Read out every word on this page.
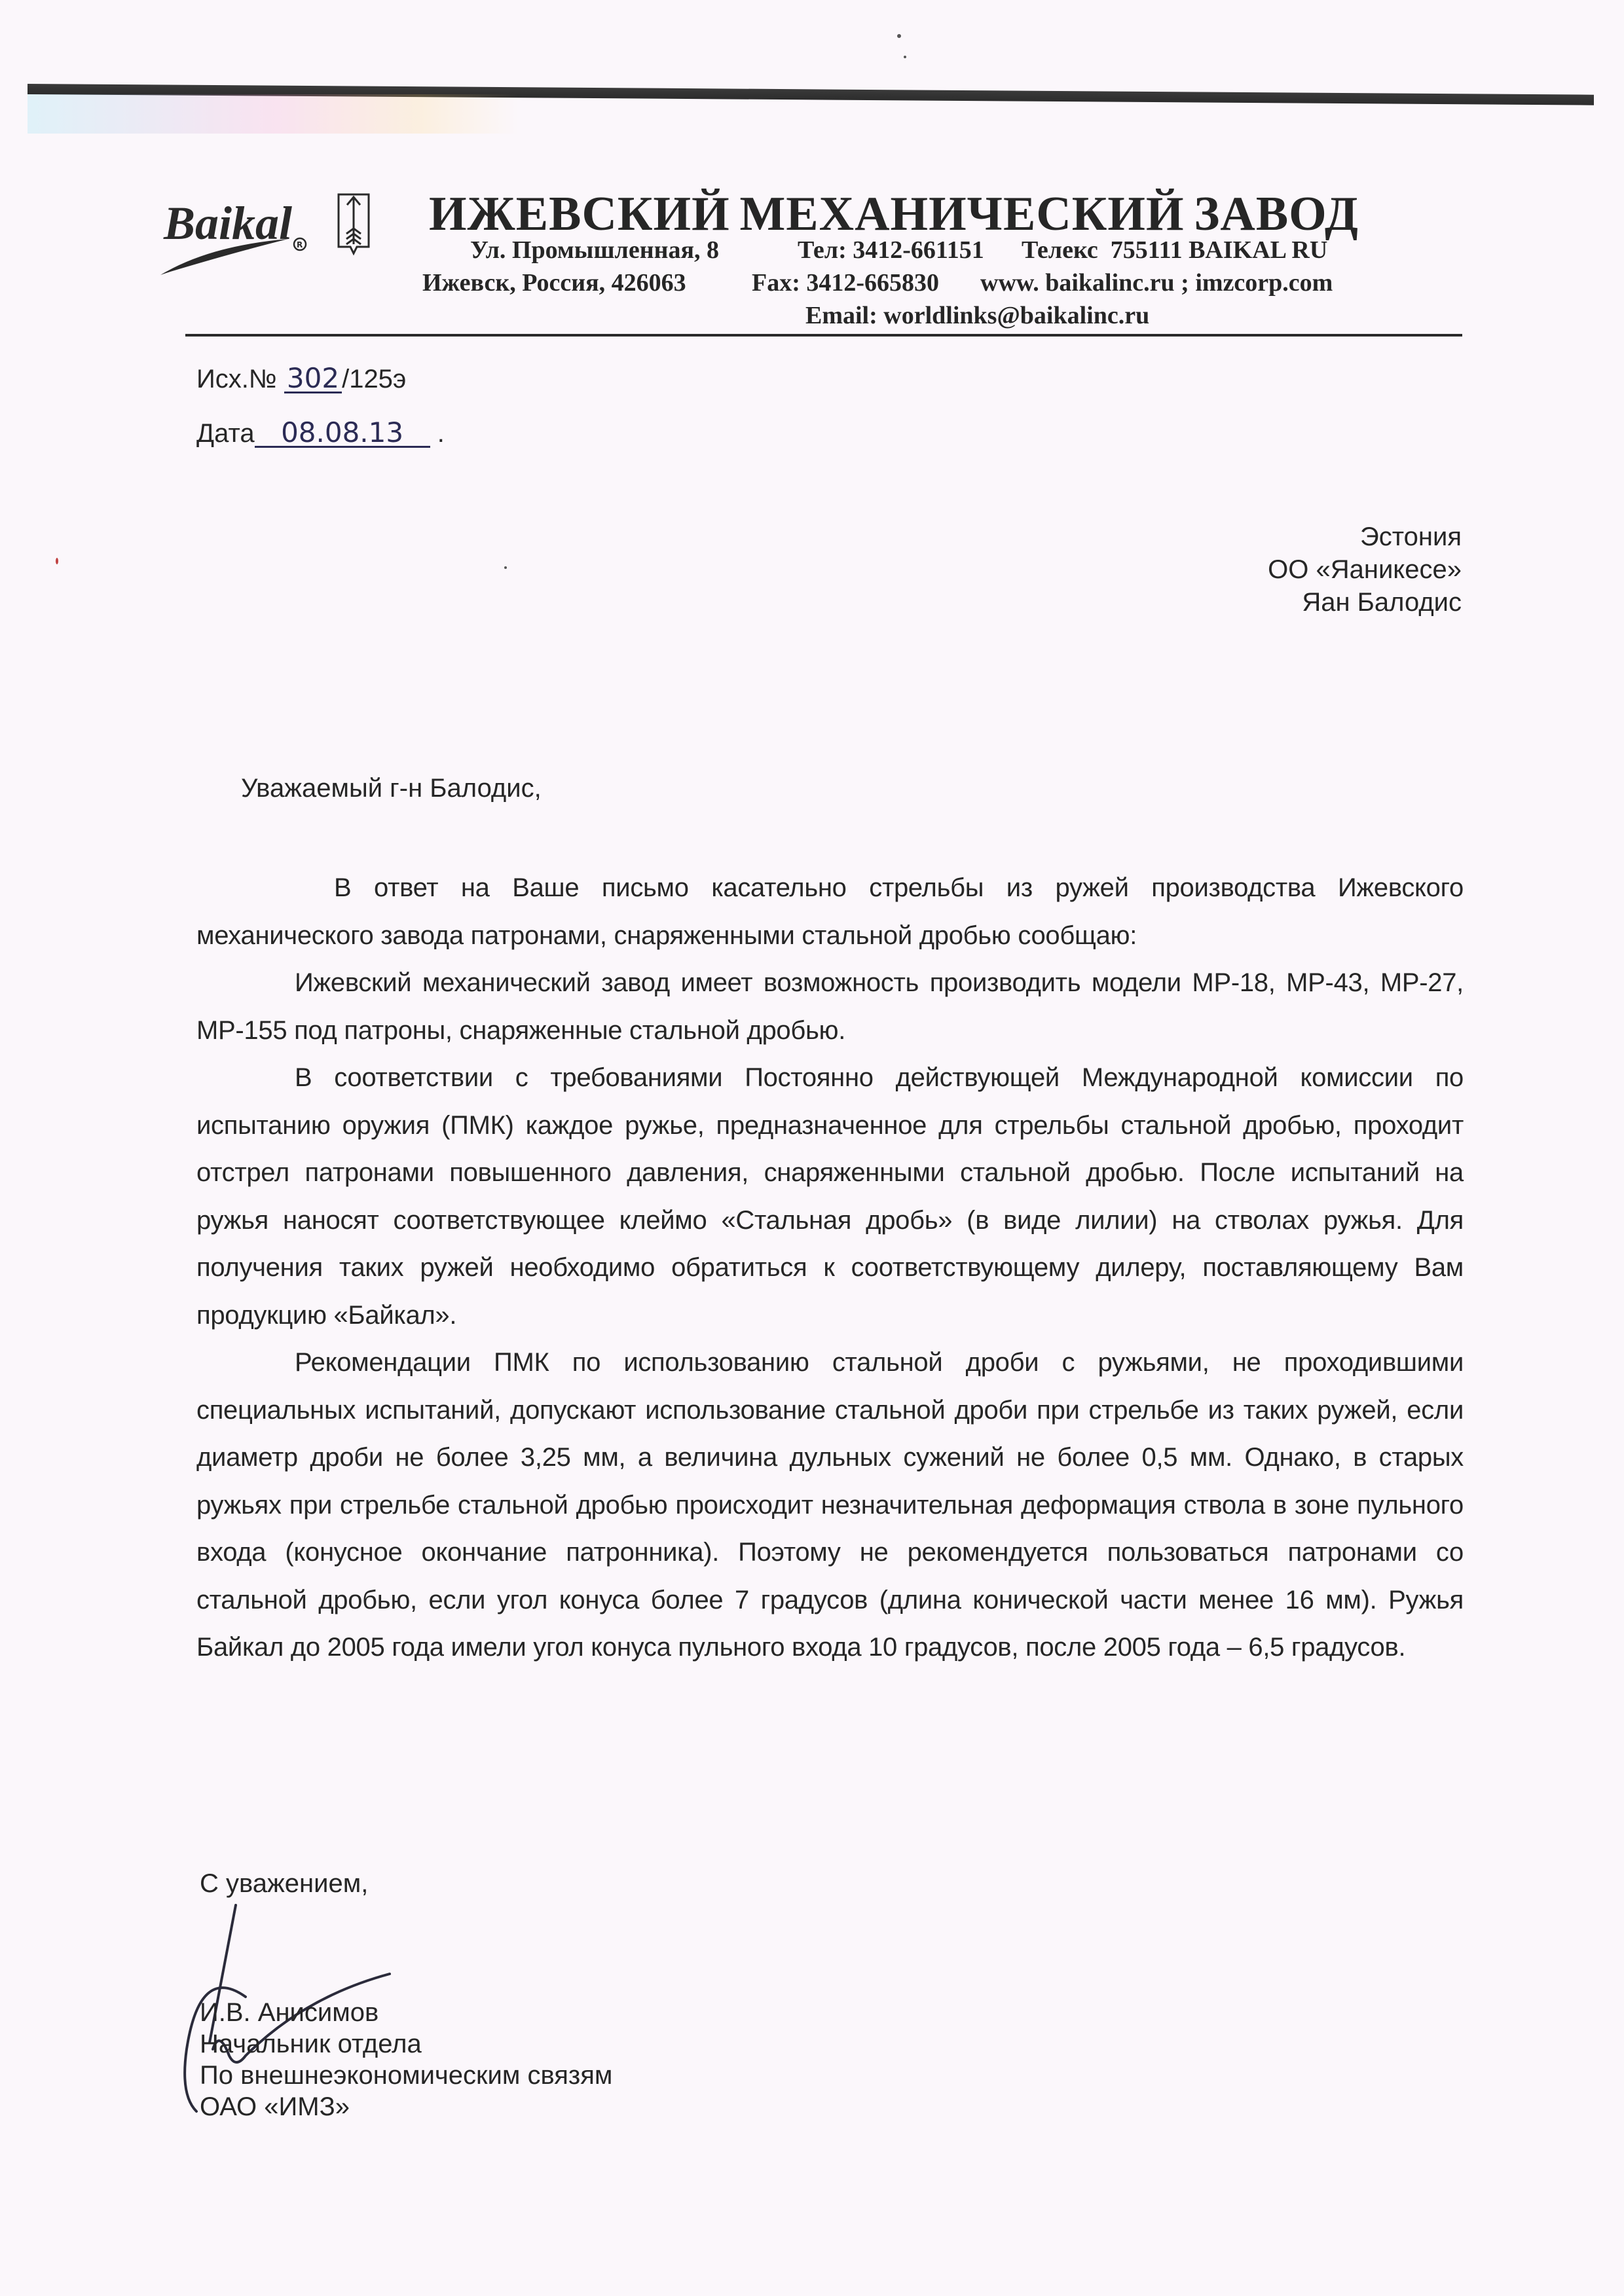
Baikal R
ИЖЕВСКИЙ МЕХАНИЧЕСКИЙ ЗАВОД
Ул. Промышленная, 8	Тел: 3412-661151 Телекс  755111 BAIKAL RU
Ижевск, Россия, 426063	Fax: 3412-665830 www. baikalinc.ru ; imzcorp.com
Email: worldlinks@baikalinc.ru
Исх.№ 302 /125э
Дата 08.08.13 .
Эстония
ОО «Яаникесе»
Яан Балодис
Уважаемый г-н Балодис,

В ответ на Ваше письмо касательно стрельбы из ружей производства Ижевского механического завода патронами, снаряженными стальной дробью сообщаю:

Ижевский механический завод имеет возможность производить модели МР-18, МР-43, МР-27, МР-155 под патроны, снаряженные стальной дробью.

В соответствии с требованиями Постоянно действующей Международной комиссии по испытанию оружия (ПМК) каждое ружье, предназначенное для стрельбы стальной дробью, проходит отстрел патронами повышенного давления, снаряженными стальной дробью. После испытаний на ружья наносят соответствующее клеймо «Стальная дробь» (в виде лилии) на стволах ружья. Для получения таких ружей необходимо обратиться к соответствующему дилеру, поставляющему Вам продукцию «Байкал».

Рекомендации ПМК по использованию стальной дроби с ружьями, не проходившими специальных испытаний, допускают использование стальной дроби при стрельбе из таких ружей, если диаметр дроби не более 3,25 мм, а величина дульных сужений не более 0,5 мм. Однако, в старых ружьях при стрельбе стальной дробью происходит незначительная деформация ствола в зоне пульного входа (конусное окончание патронника). Поэтому не рекомендуется пользоваться патронами со стальной дробью, если угол конуса более 7 градусов (длина конической части менее 16 мм). Ружья Байкал до 2005 года имели угол конуса пульного входа 10 градусов, после 2005 года – 6,5 градусов.

С уважением,
И.В. Анисимов
Начальник отдела
По внешнеэкономическим связям
ОАО «ИМЗ»
